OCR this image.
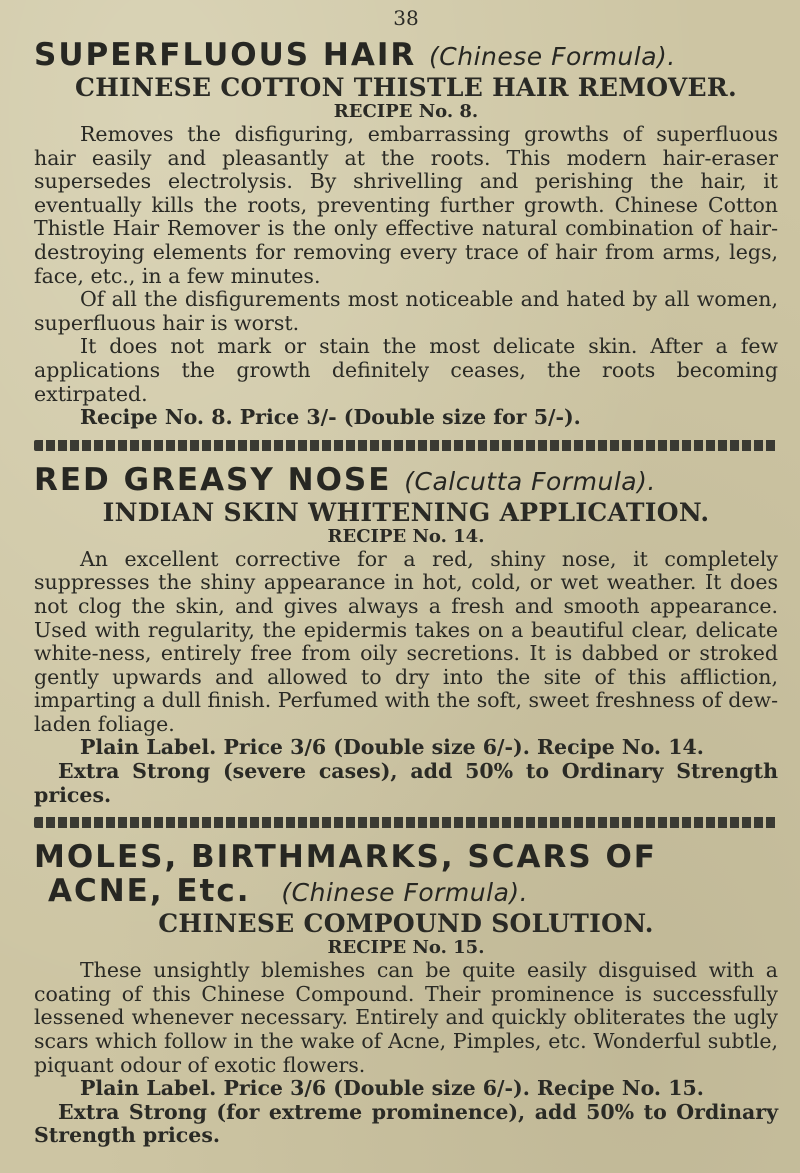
38
SUPERFLUOUS HAIR (Chinese Formula).

CHINESE COTTON THISTLE HAIR REMOVER.

RECIPE No. 8.

Removes the disfiguring, embarrassing growths of superfluous hair easily and pleasantly at the roots. This modern hair-eraser supersedes electrolysis. By shrivelling and perishing the hair, it eventually kills the roots, preventing further growth. Chinese Cotton Thistle Hair Remover is the only effective natural combination of hair-destroying elements for removing every trace of hair from arms, legs, face, etc., in a few minutes.

Of all the disfigurements most noticeable and hated by all women, superfluous hair is worst.

It does not mark or stain the most delicate skin. After a few applications the growth definitely ceases, the roots becoming extirpated.

Recipe No. 8. Price 3/- (Double size for 5/-).

RED GREASY NOSE (Calcutta Formula).

INDIAN SKIN WHITENING APPLICATION.

RECIPE No. 14.

An excellent corrective for a red, shiny nose, it completely suppresses the shiny appearance in hot, cold, or wet weather. It does not clog the skin, and gives always a fresh and smooth appearance. Used with regularity, the epidermis takes on a beautiful clear, delicate white-ness, entirely free from oily secretions. It is dabbed or stroked gently upwards and allowed to dry into the site of this affliction, imparting a dull finish. Perfumed with the soft, sweet freshness of dew-laden foliage.

Plain Label. Price 3/6 (Double size 6/-). Recipe No. 14.

Extra Strong (severe cases), add 50% to Ordinary Strength prices.

MOLES, BIRTHMARKS, SCARS OF
ACNE, Etc. (Chinese Formula).

CHINESE COMPOUND SOLUTION.

RECIPE No. 15.

These unsightly blemishes can be quite easily disguised with a coating of this Chinese Compound. Their prominence is successfully lessened whenever necessary. Entirely and quickly obliterates the ugly scars which follow in the wake of Acne, Pimples, etc. Wonderful subtle, piquant odour of exotic flowers.

Plain Label. Price 3/6 (Double size 6/-). Recipe No. 15.

Extra Strong (for extreme prominence), add 50% to Ordinary Strength prices.
